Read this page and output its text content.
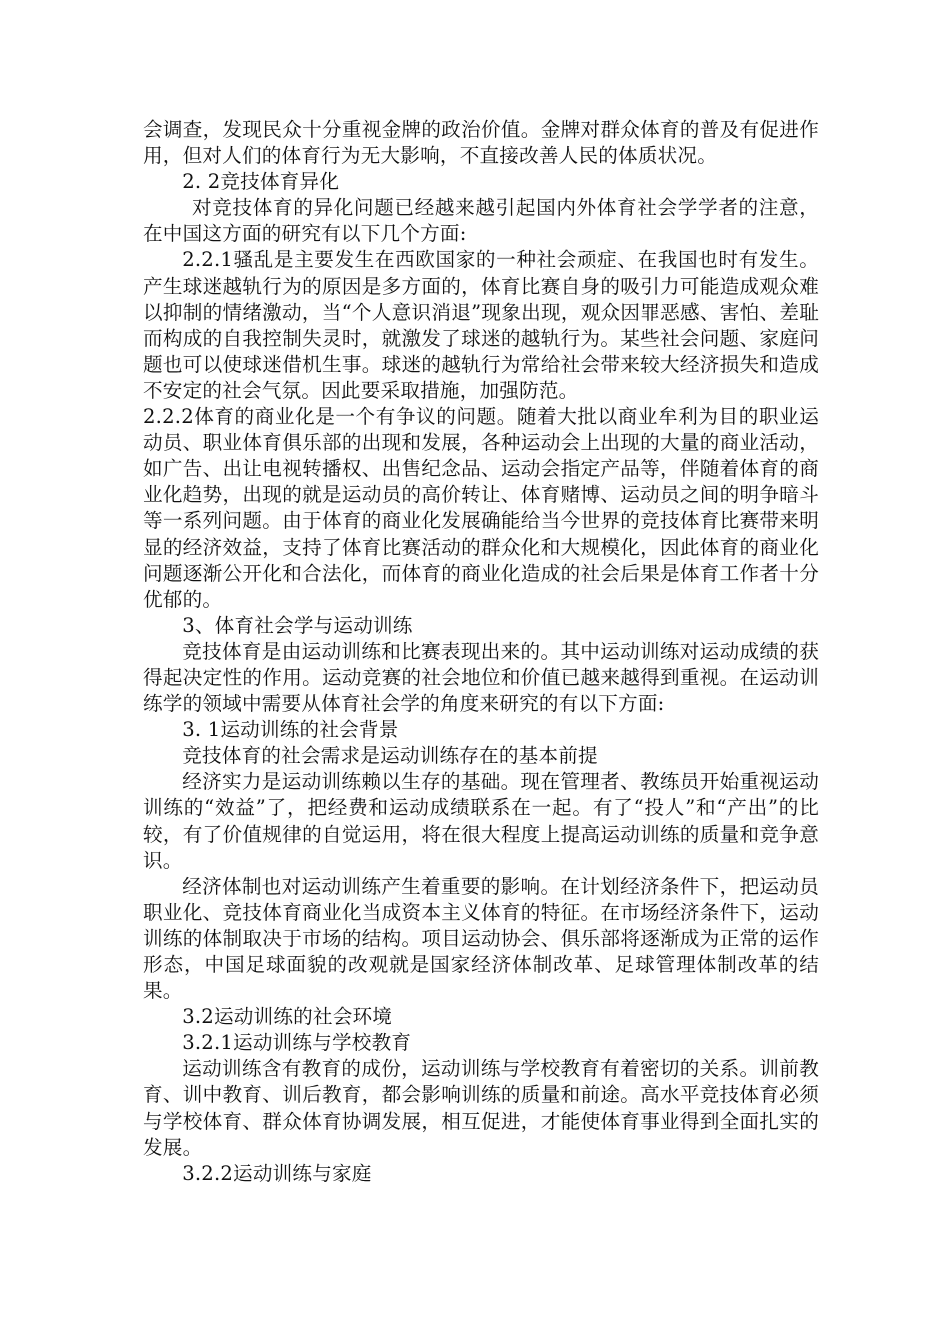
会调查，发现民众十分重视金牌的政治价值。金牌对群众体育的普及有促进作用，但对人们的体育行为无大影响，不直接改善人民的体质状况。

2. 2竞技体育异化

对竞技体育的异化问题已经越来越引起国内外体育社会学学者的注意，在中国这方面的研究有以下几个方面:

2.2.1骚乱是主要发生在西欧国家的一种社会顽症、在我国也时有发生。产生球迷越轨行为的原因是多方面的，体育比赛自身的吸引力可能造成观众难以抑制的情绪激动，当“个人意识消退”现象出现，观众因罪恶感、害怕、差耻而构成的自我控制失灵时，就激发了球迷的越轨行为。某些社会问题、家庭问题也可以使球迷借机生事。球迷的越轨行为常给社会带来较大经济损失和造成不安定的社会气氛。因此要采取措施，加强防范。

2.2.2体育的商业化是一个有争议的问题。随着大批以商业牟利为目的职业运动员、职业体育俱乐部的出现和发展，各种运动会上出现的大量的商业活动，如广告、出让电视转播权、出售纪念品、运动会指定产品等，伴随着体育的商业化趋势，出现的就是运动员的高价转让、体育赌博、运动员之间的明争暗斗等一系列问题。由于体育的商业化发展确能给当今世界的竞技体育比赛带来明显的经济效益，支持了体育比赛活动的群众化和大规模化，因此体育的商业化问题逐渐公开化和合法化，而体育的商业化造成的社会后果是体育工作者十分优郁的。

3、体育社会学与运动训练

竞技体育是由运动训练和比赛表现出来的。其中运动训练对运动成绩的获得起决定性的作用。运动竞赛的社会地位和价值已越来越得到重视。在运动训练学的领域中需要从体育社会学的角度来研究的有以下方面:

3. 1运动训练的社会背景

竞技体育的社会需求是运动训练存在的基本前提

经济实力是运动训练赖以生存的基础。现在管理者、教练员开始重视运动训练的“效益”了，把经费和运动成绩联系在一起。有了“投人”和“产出”的比较，有了价值规律的自觉运用，将在很大程度上提高运动训练的质量和竞争意识。

经济体制也对运动训练产生着重要的影响。在计划经济条件下，把运动员职业化、竞技体育商业化当成资本主义体育的特征。在市场经济条件下，运动训练的体制取决于市场的结构。项目运动协会、俱乐部将逐渐成为正常的运作形态，中国足球面貌的改观就是国家经济体制改革、足球管理体制改革的结果。

3.2运动训练的社会环境

3.2.1运动训练与学校教育

运动训练含有教育的成份，运动训练与学校教育有着密切的关系。训前教育、训中教育、训后教育，都会影响训练的质量和前途。高水平竞技体育必须与学校体育、群众体育协调发展，相互促进，才能使体育事业得到全面扎实的发展。

3.2.2运动训练与家庭
